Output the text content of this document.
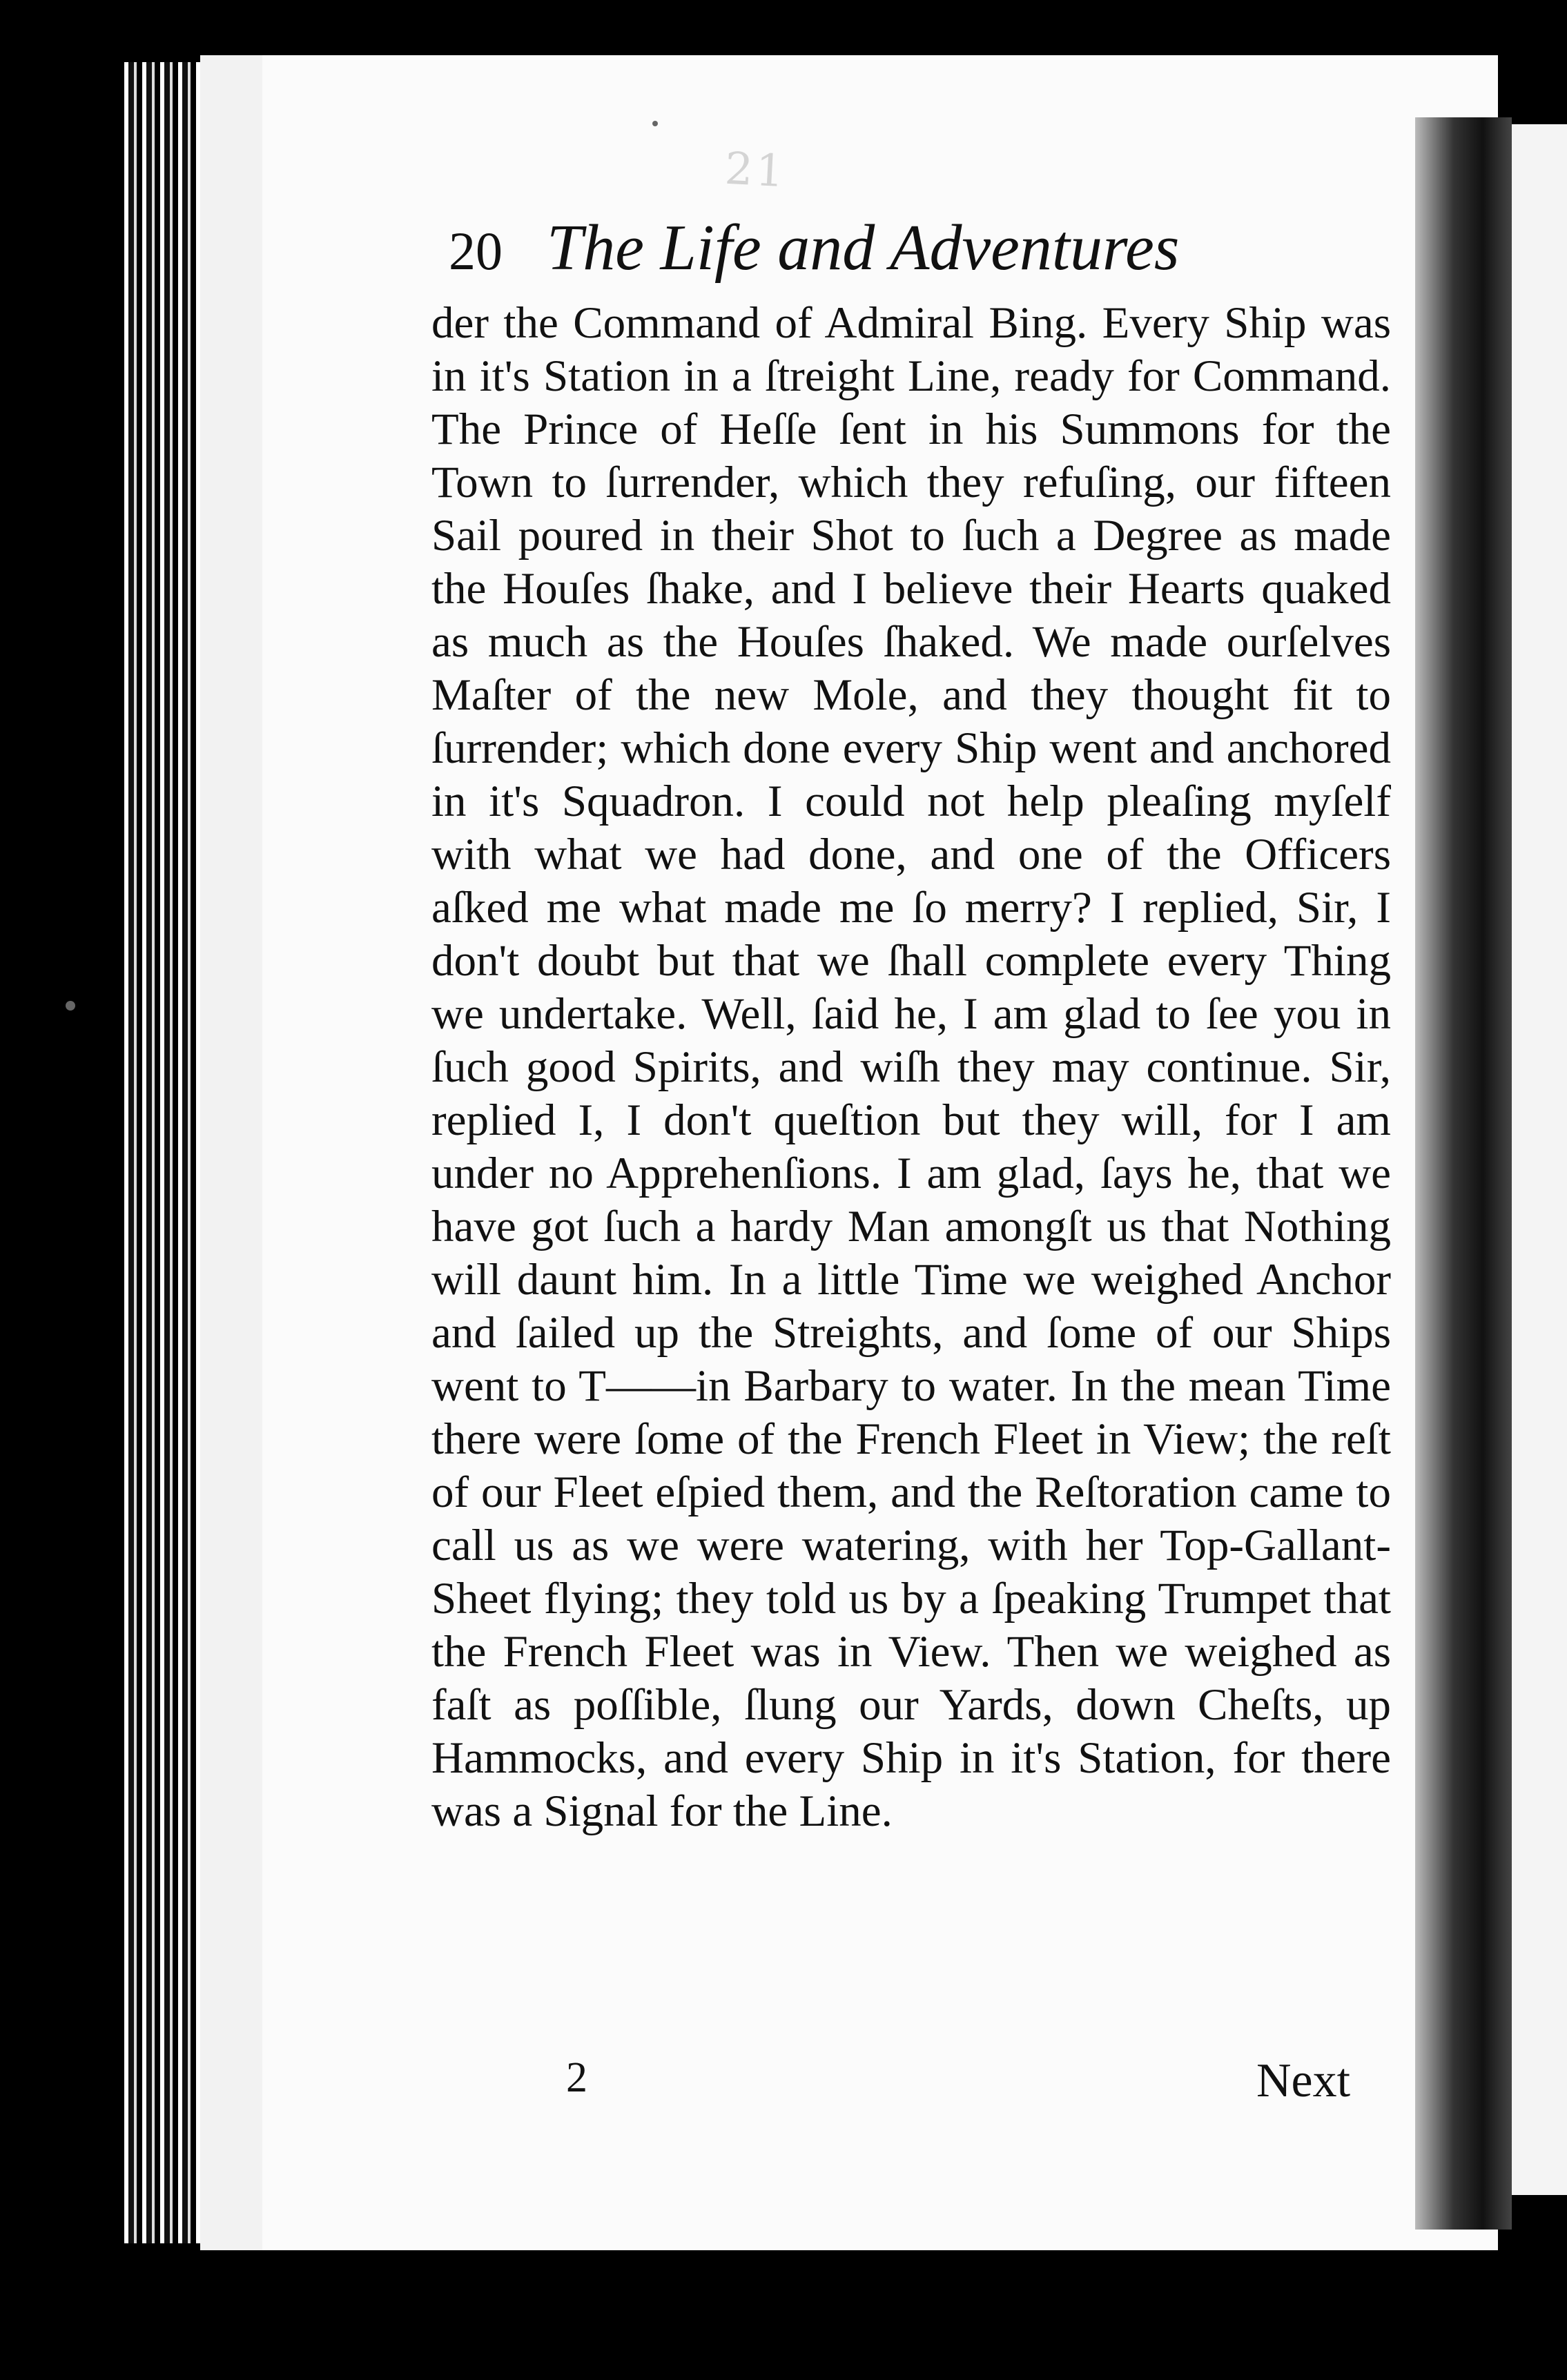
21
20 The Life and Adventures

der the Command of Admiral Bing. Every Ship was in it's Station in a ſtreight Line, ready for Command. The Prince of Heſſe ſent in his Summons for the Town to ſurrender, which they refuſing, our fifteen Sail poured in their Shot to ſuch a Degree as made the Houſes ſhake, and I believe their Hearts quaked as much as the Houſes ſhaked. We made ourſelves Maſter of the new Mole, and they thought fit to ſurrender; which done every Ship went and anchored in it's Squadron. I could not help pleaſing myſelf with what we had done, and one of the Officers aſked me what made me ſo merry? I replied, Sir, I don't doubt but that we ſhall complete every Thing we undertake. Well, ſaid he, I am glad to ſee you in ſuch good Spirits, and wiſh they may continue. Sir, replied I, I don't queſtion but they will, for I am under no Apprehenſions. I am glad, ſays he, that we have got ſuch a hardy Man amongſt us that Nothing will daunt him. In a little Time we weighed Anchor and ſailed up the Streights, and ſome of our Ships went to T——in Barbary to water. In the mean Time there were ſome of the French Fleet in View; the reſt of our Fleet eſpied them, and the Reſtoration came to call us as we were watering, with her Top-Gallant-Sheet flying; they told us by a ſpeaking Trumpet that the French Fleet was in View. Then we weighed as faſt as poſſible, ſlung our Yards, down Cheſts, up Hammocks, and every Ship in it's Station, for there was a Signal for the Line.

2	Next
